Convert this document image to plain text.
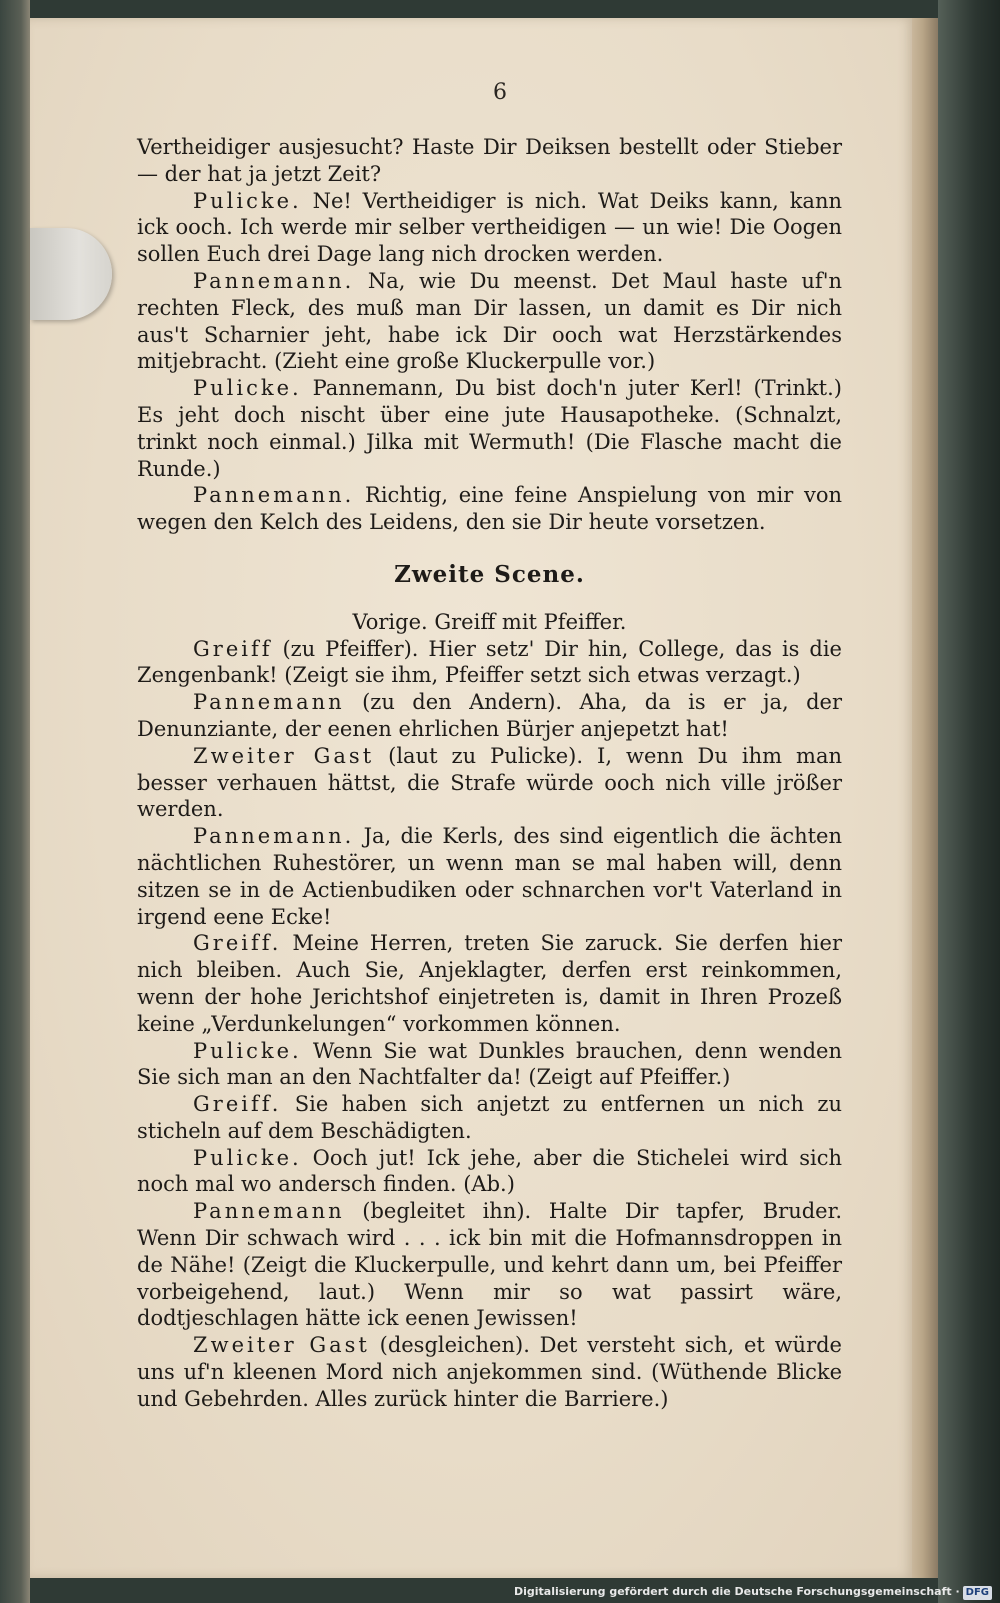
6

Vertheidiger ausjesucht? Haste Dir Deiksen bestellt oder Stieber — der hat ja jetzt Zeit?

Pulicke. Ne! Vertheidiger is nich. Wat Deiks kann, kann ick ooch. Ich werde mir selber vertheidigen — un wie! Die Oogen sollen Euch drei Dage lang nich drocken werden.

Pannemann. Na, wie Du meenst. Det Maul haste uf'n rechten Fleck, des muß man Dir lassen, un damit es Dir nich aus't Scharnier jeht, habe ick Dir ooch wat Herzstärkendes mitjebracht. (Zieht eine große Kluckerpulle vor.)

Pulicke. Pannemann, Du bist doch'n juter Kerl! (Trinkt.) Es jeht doch nischt über eine jute Hausapotheke. (Schnalzt, trinkt noch einmal.) Jilka mit Wermuth! (Die Flasche macht die Runde.)

Pannemann. Richtig, eine feine Anspielung von mir von wegen den Kelch des Leidens, den sie Dir heute vorsetzen.

Zweite Scene.

Vorige. Greiff mit Pfeiffer.

Greiff (zu Pfeiffer). Hier setz' Dir hin, College, das is die Zengenbank! (Zeigt sie ihm, Pfeiffer setzt sich etwas verzagt.)

Pannemann (zu den Andern). Aha, da is er ja, der Denunziante, der eenen ehrlichen Bürjer anjepetzt hat!

Zweiter Gast (laut zu Pulicke). I, wenn Du ihm man besser verhauen hättst, die Strafe würde ooch nich ville jrößer werden.

Pannemann. Ja, die Kerls, des sind eigentlich die ächten nächtlichen Ruhestörer, un wenn man se mal haben will, denn sitzen se in de Actienbudiken oder schnarchen vor't Vaterland in irgend eene Ecke!

Greiff. Meine Herren, treten Sie zaruck. Sie derfen hier nich bleiben. Auch Sie, Anjeklagter, derfen erst reinkommen, wenn der hohe Jerichtshof einjetreten is, damit in Ihren Prozeß keine „Verdunkelungen“ vorkommen können.

Pulicke. Wenn Sie wat Dunkles brauchen, denn wenden Sie sich man an den Nachtfalter da! (Zeigt auf Pfeiffer.)

Greiff. Sie haben sich anjetzt zu entfernen un nich zu sticheln auf dem Beschädigten.

Pulicke. Ooch jut! Ick jehe, aber die Stichelei wird sich noch mal wo andersch finden. (Ab.)

Pannemann (begleitet ihn). Halte Dir tapfer, Bruder. Wenn Dir schwach wird . . . ick bin mit die Hofmannsdroppen in de Nähe! (Zeigt die Kluckerpulle, und kehrt dann um, bei Pfeiffer vorbeigehend, laut.) Wenn mir so wat passirt wäre, dodtjeschlagen hätte ick eenen Jewissen!

Zweiter Gast (desgleichen). Det versteht sich, et würde uns uf'n kleenen Mord nich anjekommen sind. (Wüthende Blicke und Gebehrden. Alles zurück hinter die Barriere.)

Digitalisierung gefördert durch die Deutsche Forschungsgemeinschaft · DFG
